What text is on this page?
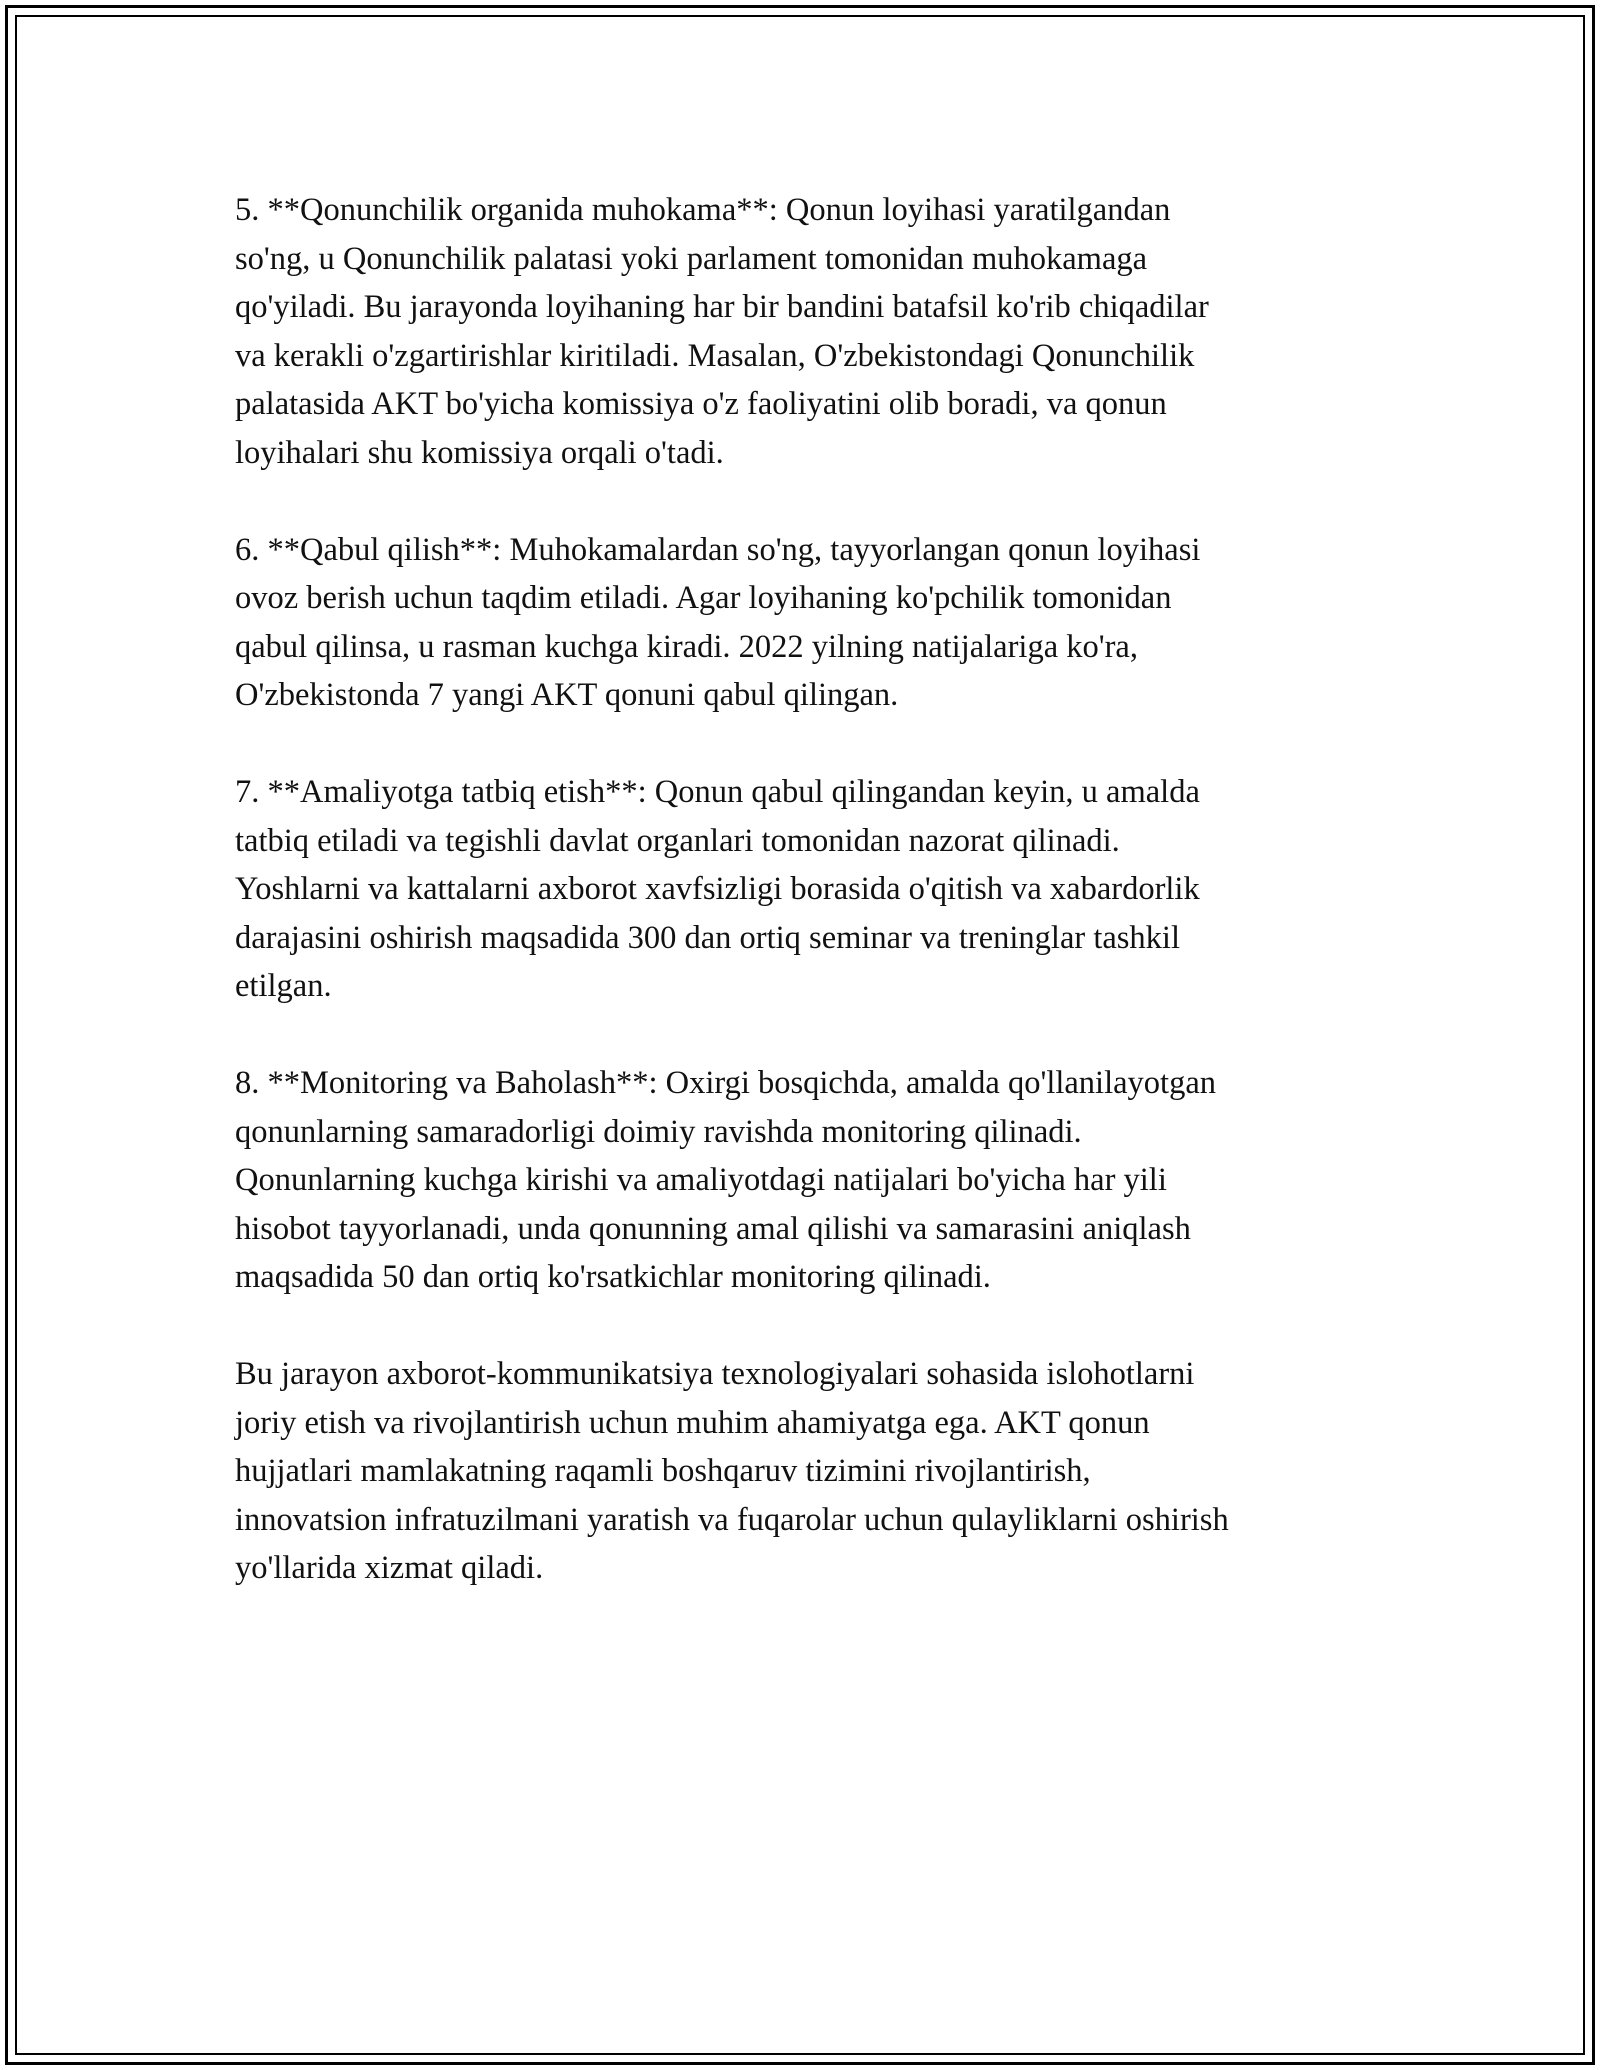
5. **Qonunchilik organida muhokama**: Qonun loyihasi yaratilgandan
so'ng, u Qonunchilik palatasi yoki parlament tomonidan muhokamaga
qo'yiladi. Bu jarayonda loyihaning har bir bandini batafsil ko'rib chiqadilar
va kerakli o'zgartirishlar kiritiladi. Masalan, O'zbekistondagi Qonunchilik
palatasida AKT bo'yicha komissiya o'z faoliyatini olib boradi, va qonun
loyihalari shu komissiya orqali o'tadi.

6. **Qabul qilish**: Muhokamalardan so'ng, tayyorlangan qonun loyihasi
ovoz berish uchun taqdim etiladi. Agar loyihaning ko'pchilik tomonidan
qabul qilinsa, u rasman kuchga kiradi. 2022 yilning natijalariga ko'ra,
O'zbekistonda 7 yangi AKT qonuni qabul qilingan.

7. **Amaliyotga tatbiq etish**: Qonun qabul qilingandan keyin, u amalda
tatbiq etiladi va tegishli davlat organlari tomonidan nazorat qilinadi.
Yoshlarni va kattalarni axborot xavfsizligi borasida o'qitish va xabardorlik
darajasini oshirish maqsadida 300 dan ortiq seminar va treninglar tashkil
etilgan.

8. **Monitoring va Baholash**: Oxirgi bosqichda, amalda qo'llanilayotgan
qonunlarning samaradorligi doimiy ravishda monitoring qilinadi.
Qonunlarning kuchga kirishi va amaliyotdagi natijalari bo'yicha har yili
hisobot tayyorlanadi, unda qonunning amal qilishi va samarasini aniqlash
maqsadida 50 dan ortiq ko'rsatkichlar monitoring qilinadi.

Bu jarayon axborot-kommunikatsiya texnologiyalari sohasida islohotlarni
joriy etish va rivojlantirish uchun muhim ahamiyatga ega. AKT qonun
hujjatlari mamlakatning raqamli boshqaruv tizimini rivojlantirish,
innovatsion infratuzilmani yaratish va fuqarolar uchun qulayliklarni oshirish
yo'llarida xizmat qiladi.
